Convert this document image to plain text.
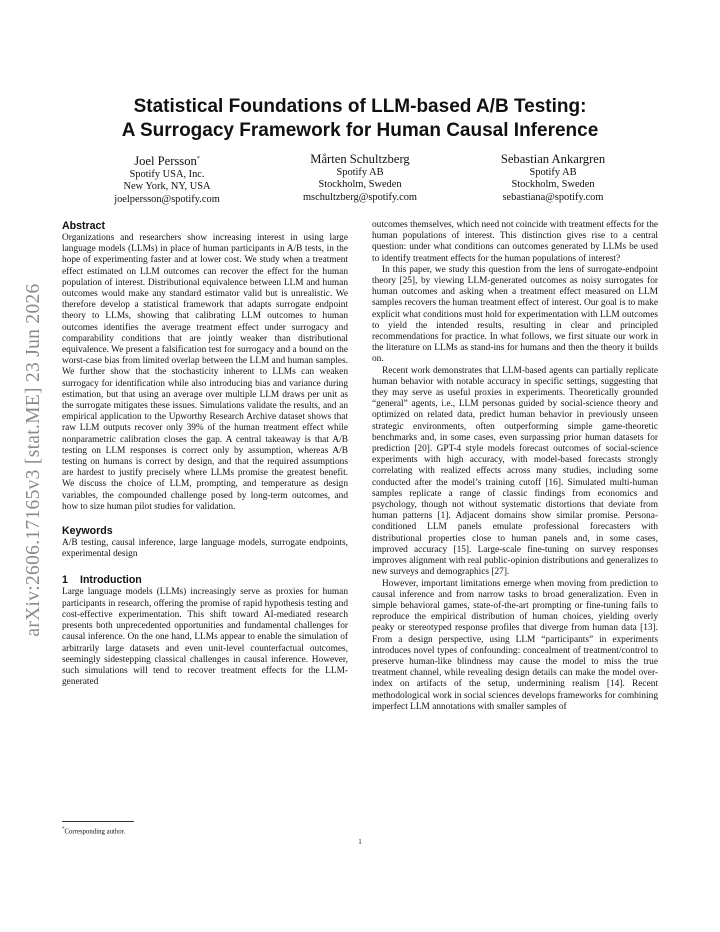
arXiv:2606.17165v3 [stat.ME] 23 Jun 2026
Statistical Foundations of LLM-based A/B Testing:
A Surrogacy Framework for Human Causal Inference
Joel Persson*
Spotify USA, Inc.
New York, NY, USA
joelpersson@spotify.com
Mårten Schultzberg
Spotify AB
Stockholm, Sweden
mschultzberg@spotify.com
Sebastian Ankargren
Spotify AB
Stockholm, Sweden
sebastiana@spotify.com
Abstract

Organizations and researchers show increasing interest in using large language models (LLMs) in place of human participants in A/B tests, in the hope of experimenting faster and at lower cost. We study when a treatment effect estimated on LLM outcomes can recover the effect for the human population of interest. Distributional equivalence between LLM and human outcomes would make any standard estimator valid but is unrealistic. We therefore develop a statistical framework that adapts surrogate endpoint theory to LLMs, showing that calibrating LLM outcomes to human outcomes identifies the average treatment effect under surrogacy and comparability conditions that are jointly weaker than distributional equivalence. We present a falsification test for surrogacy and a bound on the worst-case bias from limited overlap between the LLM and human samples. We further show that the stochasticity inherent to LLMs can weaken surrogacy for identification while also introducing bias and variance during estimation, but that using an average over multiple LLM draws per unit as the surrogate mitigates these issues. Simulations validate the results, and an empirical application to the Upworthy Research Archive dataset shows that raw LLM outputs recover only 39% of the human treatment effect while nonparametric calibration closes the gap. A central takeaway is that A/B testing on LLM responses is correct only by assumption, whereas A/B testing on humans is correct by design, and that the required assumptions are hardest to justify precisely where LLMs promise the greatest benefit. We discuss the choice of LLM, prompting, and temperature as design variables, the compounded challenge posed by long-term outcomes, and how to size human pilot studies for validation.

Keywords

A/B testing, causal inference, large language models, surrogate endpoints, experimental design

1 Introduction

Large language models (LLMs) increasingly serve as proxies for human participants in research, offering the promise of rapid hypothesis testing and cost-effective experimentation. This shift toward AI-mediated research presents both unprecedented opportunities and fundamental challenges for causal inference. On the one hand, LLMs appear to enable the simulation of arbitrarily large datasets and even unit-level counterfactual outcomes, seemingly sidestepping classical challenges in causal inference. However, such simulations will tend to recover treatment effects for the LLM-generated

outcomes themselves, which need not coincide with treatment effects for the human populations of interest. This distinction gives rise to a central question: under what conditions can outcomes generated by LLMs be used to identify treatment effects for the human populations of interest?

In this paper, we study this question from the lens of surrogate-endpoint theory [25], by viewing LLM-generated outcomes as noisy surrogates for human outcomes and asking when a treatment effect measured on LLM samples recovers the human treatment effect of interest. Our goal is to make explicit what conditions must hold for experimentation with LLM outcomes to yield the intended results, resulting in clear and principled recommendations for practice. In what follows, we first situate our work in the literature on LLMs as stand-ins for humans and then the theory it builds on.

Recent work demonstrates that LLM-based agents can partially replicate human behavior with notable accuracy in specific settings, suggesting that they may serve as useful proxies in experiments. Theoretically grounded “general” agents, i.e., LLM personas guided by social-science theory and optimized on related data, predict human behavior in previously unseen strategic environments, often outperforming simple game-theoretic benchmarks and, in some cases, even surpassing prior human datasets for prediction [20]. GPT-4 style models forecast outcomes of social-science experiments with high accuracy, with model-based forecasts strongly correlating with realized effects across many studies, including some conducted after the model’s training cutoff [16]. Simulated multi-human samples replicate a range of classic findings from economics and psychology, though not without systematic distortions that deviate from human patterns [1]. Adjacent domains show similar promise. Persona-conditioned LLM panels emulate professional forecasters with distributional properties close to human panels and, in some cases, improved accuracy [15]. Large-scale fine-tuning on survey responses improves alignment with real public-opinion distributions and generalizes to new surveys and demographics [27].

However, important limitations emerge when moving from prediction to causal inference and from narrow tasks to broad generalization. Even in simple behavioral games, state-of-the-art prompting or fine-tuning fails to reproduce the empirical distribution of human choices, yielding overly peaky or stereotyped response profiles that diverge from human data [13]. From a design perspective, using LLM “participants” in experiments introduces novel types of confounding: concealment of treatment/control to preserve human-like blindness may cause the model to miss the true treatment channel, while revealing design details can make the model over-index on artifacts of the setup, undermining realism [14]. Recent methodological work in social sciences develops frameworks for combining imperfect LLM annotations with smaller samples of

*Corresponding author.
1
